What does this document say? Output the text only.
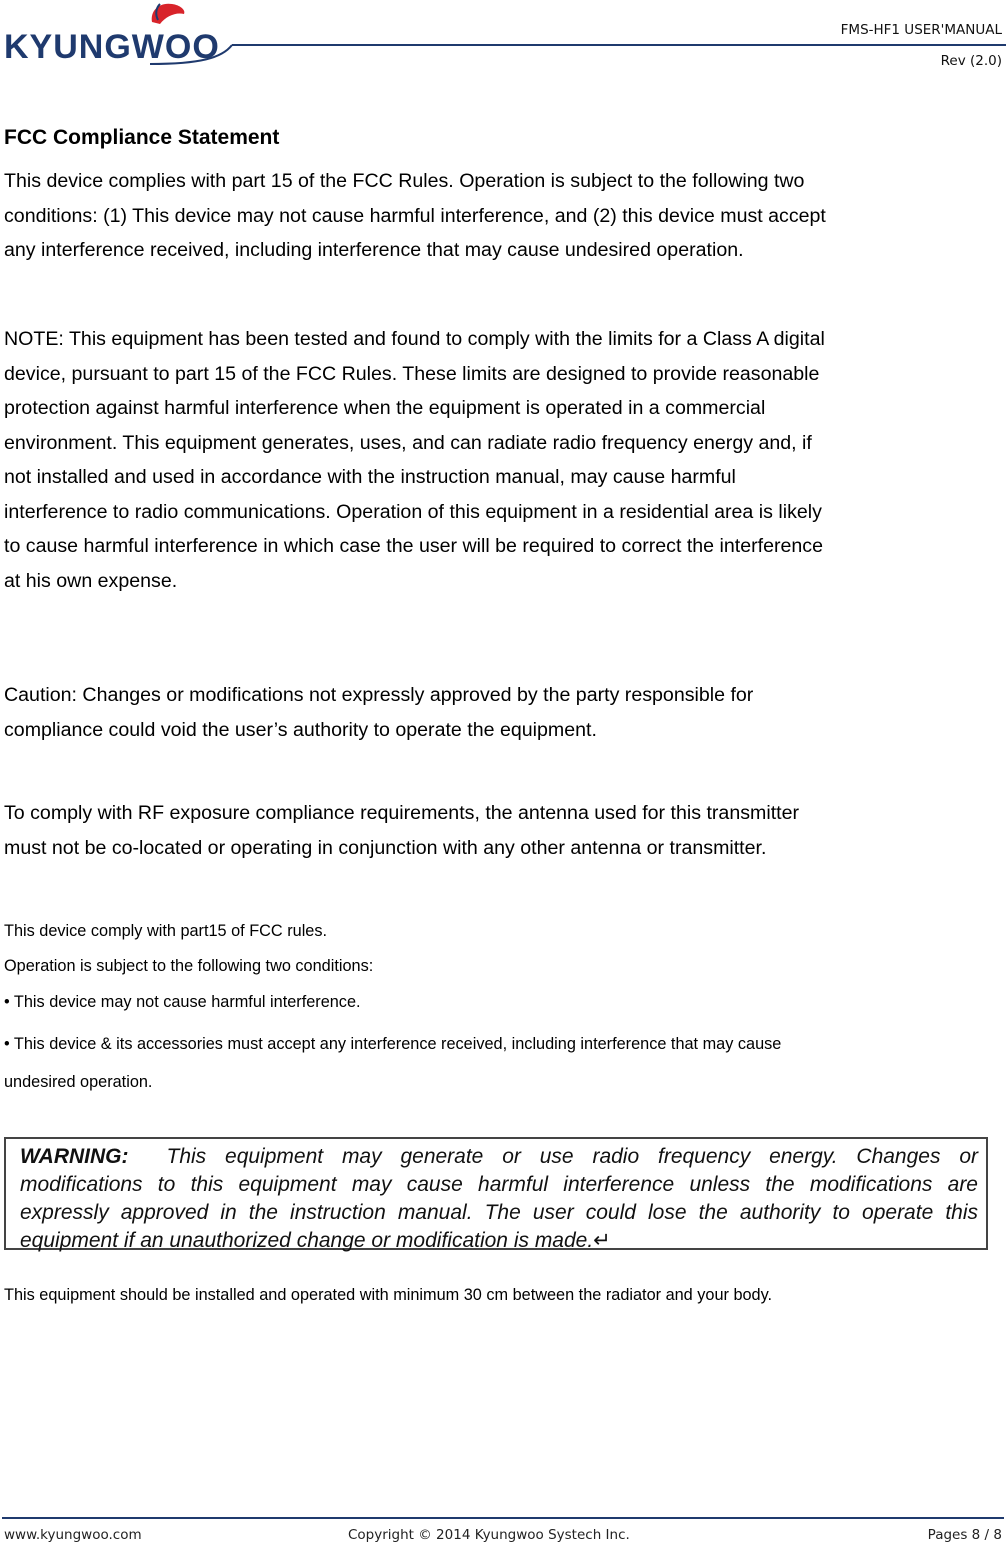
KYUNGWOO	FMS-HF1 USER'MANUAL
Rev (2.0)
FCC Compliance Statement
This device complies with part 15 of the FCC Rules. Operation is subject to the following two
conditions: (1) This device may not cause harmful interference, and (2) this device must accept
any interference received, including interference that may cause undesired operation.
NOTE: This equipment has been tested and found to comply with the limits for a Class A digital
device, pursuant to part 15 of the FCC Rules. These limits are designed to provide reasonable
protection against harmful interference when the equipment is operated in a commercial
environment. This equipment generates, uses, and can radiate radio frequency energy and, if
not installed and used in accordance with the instruction manual, may cause harmful
interference to radio communications. Operation of this equipment in a residential area is likely
to cause harmful interference in which case the user will be required to correct the interference
at his own expense.
Caution: Changes or modifications not expressly approved by the party responsible for
compliance could void the user’s authority to operate the equipment.
To comply with RF exposure compliance requirements, the antenna used for this transmitter
must not be co-located or operating in conjunction with any other antenna or transmitter.
This device comply with part15 of FCC rules.
Operation is subject to the following two conditions:
• This device may not cause harmful interference.
• This device & its accessories must accept any interference received, including interference that may cause
undesired operation.
WARNING: This equipment may generate or use radio frequency energy. Changes or
modifications to this equipment may cause harmful interference unless the modifications are
expressly approved in the instruction manual. The user could lose the authority to operate this
equipment if an unauthorized change or modification is made.↵
This equipment should be installed and operated with minimum 30 cm between the radiator and your body.
www.kyungwoo.com	Copyright © 2014 Kyungwoo Systech Inc.	Pages 8 / 8
